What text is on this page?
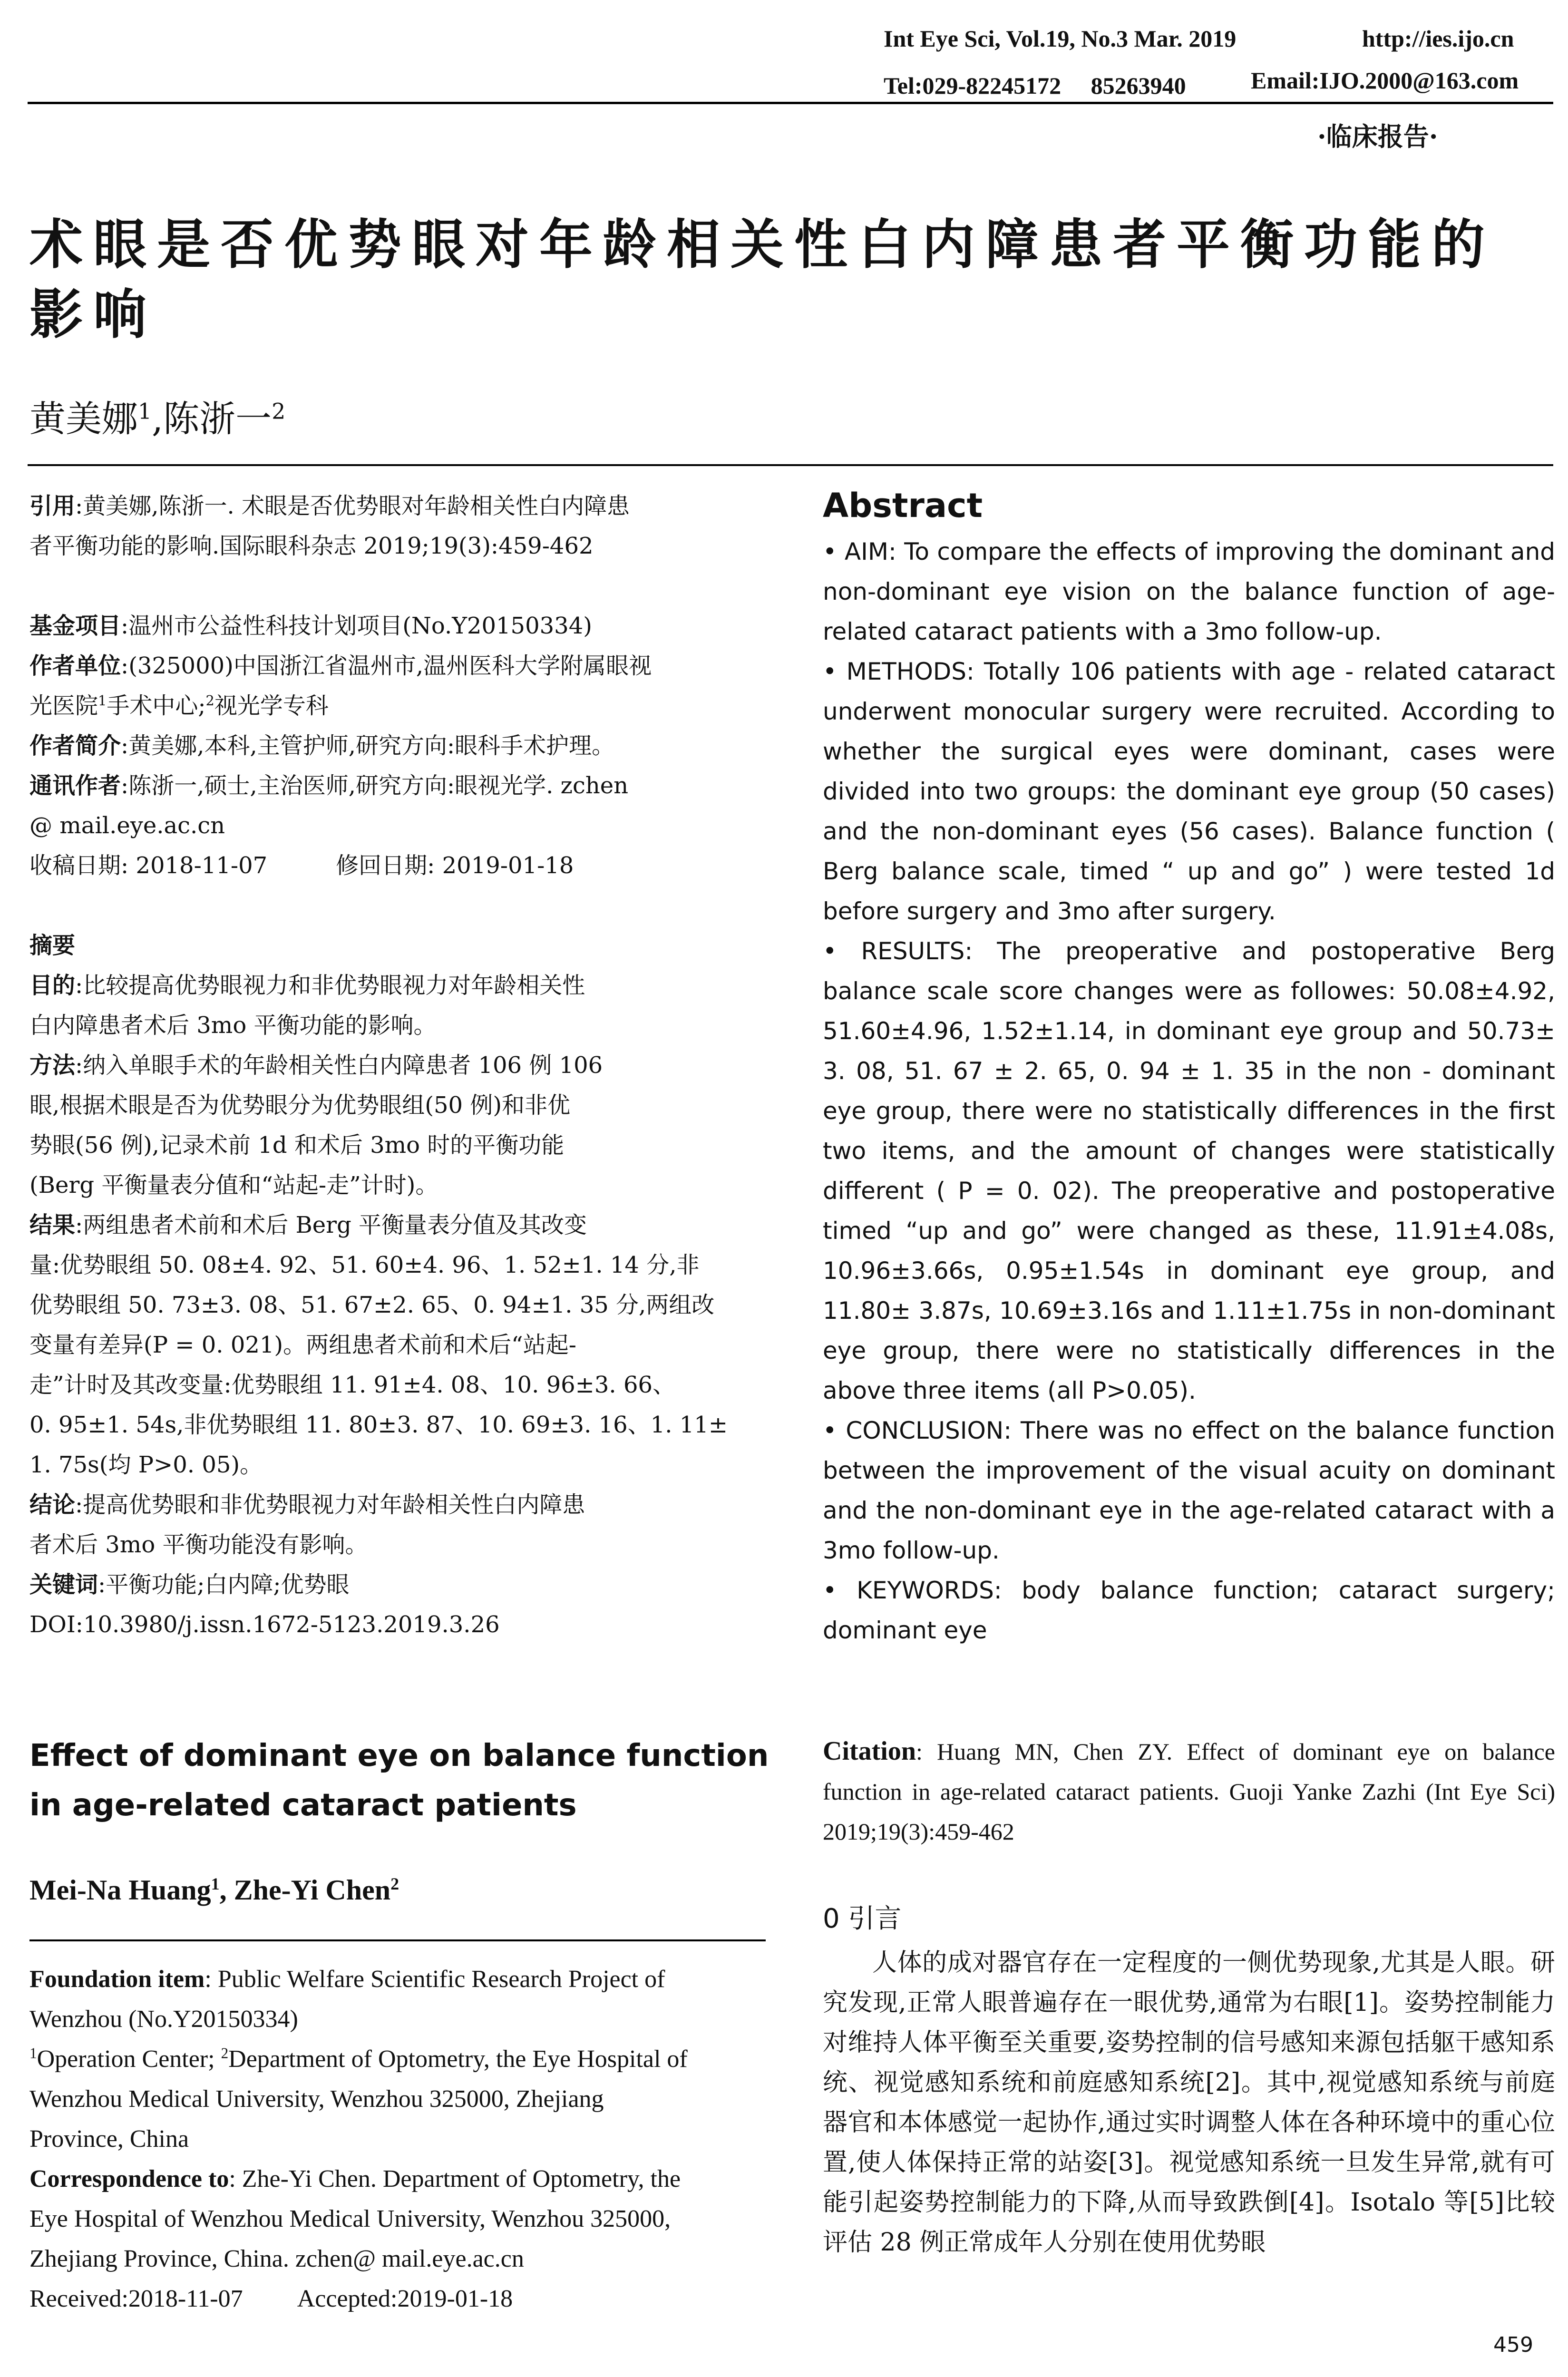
Int Eye Sci, Vol.19, No.3 Mar. 2019	http://ies.ijo.cn
Tel:029-82245172　 85263940	Email:IJO.2000@163.com
·临床报告·
术眼是否优势眼对年龄相关性白内障患者平衡功能的
影响
黄美娜$^1$,陈浙一$^2$

引用:黄美娜,陈浙一. 术眼是否优势眼对年龄相关性白内障患

者平衡功能的影响.国际眼科杂志 2019;19(3):459-462

基金项目:温州市公益性科技计划项目(No.Y20150334)

作者单位:(325000)中国浙江省温州市,温州医科大学附属眼视

光医院$^1$手术中心;$^2$视光学专科

作者简介:黄美娜,本科,主管护师,研究方向:眼科手术护理。

通讯作者:陈浙一,硕士,主治医师,研究方向:眼视光学. zchen

@ mail.eye.ac.cn

收稿日期: 2018-11-07　　　修回日期: 2019-01-18

摘要

目的:比较提高优势眼视力和非优势眼视力对年龄相关性

白内障患者术后 3mo 平衡功能的影响。

方法:纳入单眼手术的年龄相关性白内障患者 106 例 106

眼,根据术眼是否为优势眼分为优势眼组(50 例)和非优

势眼(56 例),记录术前 1d 和术后 3mo 时的平衡功能

(Berg 平衡量表分值和“站起-走”计时)。

结果:两组患者术前和术后 Berg 平衡量表分值及其改变

量:优势眼组 50. 08±4. 92、51. 60±4. 96、1. 52±1. 14 分,非

优势眼组 50. 73±3. 08、51. 67±2. 65、0. 94±1. 35 分,两组改

变量有差异(P = 0. 021)。两组患者术前和术后“站起-

走”计时及其改变量:优势眼组 11. 91±4. 08、10. 96±3. 66、

0. 95±1. 54s,非优势眼组 11. 80±3. 87、10. 69±3. 16、1. 11±

1. 75s(均 P>0. 05)。

结论:提高优势眼和非优势眼视力对年龄相关性白内障患

者术后 3mo 平衡功能没有影响。

关键词:平衡功能;白内障;优势眼

DOI:10.3980/j.issn.1672-5123.2019.3.26

Effect of dominant eye on balance function
in age-related cataract patients
Mei-Na Huang$^1$, Zhe-Yi Chen$^2$

Foundation item: Public Welfare Scientific Research Project of

Wenzhou (No.Y20150334)

$^1$Operation Center; $^2$Department of Optometry, the Eye Hospital of

Wenzhou Medical University, Wenzhou 325000, Zhejiang

Province, China

Correspondence to: Zhe-Yi Chen. Department of Optometry, the

Eye Hospital of Wenzhou Medical University, Wenzhou 325000,

Zhejiang Province, China. zchen@ mail.eye.ac.cn

Received:2018-11-07　　 Accepted:2019-01-18

Abstract

• AIM: To compare the effects of improving the dominant and non-dominant eye vision on the balance function of age-related cataract patients with a 3mo follow-up.

• METHODS: Totally 106 patients with age - related cataract underwent monocular surgery were recruited. According to whether the surgical eyes were dominant, cases were divided into two groups: the dominant eye group (50 cases) and the non-dominant eyes (56 cases). Balance function ( Berg balance scale, timed “ up and go” ) were tested 1d before surgery and 3mo after surgery.

• RESULTS: The preoperative and postoperative Berg balance scale score changes were as followes: 50.08±4.92, 51.60±4.96, 1.52±1.14, in dominant eye group and 50.73± 3. 08, 51. 67 ± 2. 65, 0. 94 ± 1. 35 in the non - dominant eye group, there were no statistically differences in the first two items, and the amount of changes were statistically different ( P = 0. 02). The preoperative and postoperative timed “up and go” were changed as these, 11.91±4.08s, 10.96±3.66s, 0.95±1.54s in dominant eye group, and 11.80± 3.87s, 10.69±3.16s and 1.11±1.75s in non-dominant eye group, there were no statistically differences in the above three items (all P>0.05).

• CONCLUSION: There was no effect on the balance function between the improvement of the visual acuity on dominant and the non-dominant eye in the age-related cataract with a 3mo follow-up.

• KEYWORDS: body balance function; cataract surgery; dominant eye

Citation: Huang MN, Chen ZY. Effect of dominant eye on balance function in age-related cataract patients. Guoji Yanke Zazhi (Int Eye Sci) 2019;19(3):459-462

0 引言
人体的成对器官存在一定程度的一侧优势现象,尤其是人眼。研究发现,正常人眼普遍存在一眼优势,通常为右眼[1]。姿势控制能力对维持人体平衡至关重要,姿势控制的信号感知来源包括躯干感知系统、视觉感知系统和前庭感知系统[2]。其中,视觉感知系统与前庭器官和本体感觉一起协作,通过实时调整人体在各种环境中的重心位置,使人体保持正常的站姿[3]。视觉感知系统一旦发生异常,就有可能引起姿势控制能力的下降,从而导致跌倒[4]。Isotalo 等[5]比较评估 28 例正常成年人分别在使用优势眼
459
